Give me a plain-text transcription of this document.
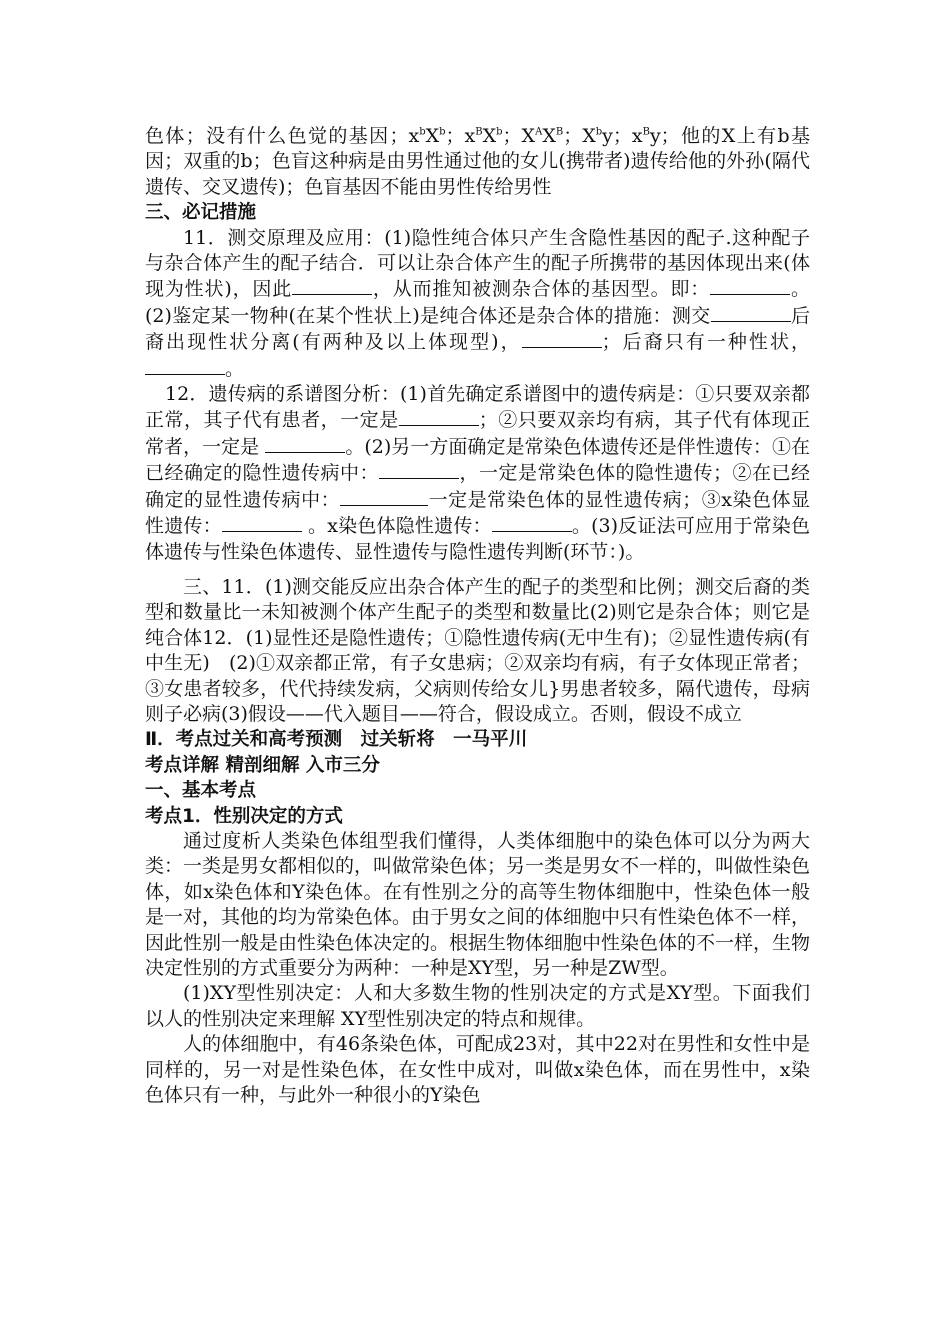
色体；没有什么色觉的基因；$x^bX^b$；$x^BX^b$；$X^AX^B$；$X^by$；$x^By$；他的X上有b基因；双重的b；色盲这种病是由男性通过他的女儿(携带者)遗传给他的外孙(隔代遗传、交叉遗传)；色盲基因不能由男性传给男性

三、必记措施

11．测交原理及应用：(1)隐性纯合体只产生含隐性基因的配子.这种配子与杂合体产生的配子结合．可以让杂合体产生的配子所携带的基因体现出来(体现为性状)，因此	，从而推知被测杂合体的基因型。即：	。(2)鉴定某一物种(在某个性状上)是纯合体还是杂合体的措施：测交	后裔出现性状分离(有两种及以上体现型)，	；后裔只有一种性状，。

12．遗传病的系谱图分析：(1)首先确定系谱图中的遗传病是：①只要双亲都正常，其子代有患者，一定是	；②只要双亲均有病，其子代有体现正常者，一定是	。(2)另一方面确定是常染色体遗传还是伴性遗传：①在已经确定的隐性遗传病中：	，一定是常染色体的隐性遗传；②在已经确定的显性遗传病中：	一定是常染色体的显性遗传病；③x染色体显性遗传：	。x染色体隐性遗传：	。(3)反证法可应用于常染色体遗传与性染色体遗传、显性遗传与隐性遗传判断(环节：)。

三、11．(1)测交能反应出杂合体产生的配子的类型和比例；测交后裔的类型和数量比一未知被测个体产生配子的类型和数量比(2)则它是杂合体；则它是纯合体12．(1)显性还是隐性遗传；①隐性遗传病(无中生有)；②显性遗传病(有中生无)　(2)①双亲都正常，有子女患病；②双亲均有病，有子女体现正常者；③女患者较多，代代持续发病，父病则传给女儿}男患者较多，隔代遗传，母病则子必病(3)假设——代入题目——符合，假设成立。否则，假设不成立

Ⅱ．考点过关和高考预测　过关斩将　一马平川

考点详解 精剖细解 入市三分

一、基本考点

考点1．性别决定的方式

通过度析人类染色体组型我们懂得，人类体细胞中的染色体可以分为两大类：一类是男女都相似的，叫做常染色体；另一类是男女不一样的，叫做性染色体，如x染色体和Y染色体。在有性别之分的高等生物体细胞中，性染色体一般是一对，其他的均为常染色体。由于男女之间的体细胞中只有性染色体不一样，因此性别一般是由性染色体决定的。根据生物体细胞中性染色体的不一样，生物决定性别的方式重要分为两种：一种是XY型，另一种是ZW型。

(1)XY型性别决定：人和大多数生物的性别决定的方式是XY型。下面我们以人的性别决定来理解 XY型性别决定的特点和规律。

人的体细胞中，有46条染色体，可配成23对，其中22对在男性和女性中是同样的，另一对是性染色体，在女性中成对，叫做x染色体，而在男性中，x染色体只有一种，与此外一种很小的Y染色
